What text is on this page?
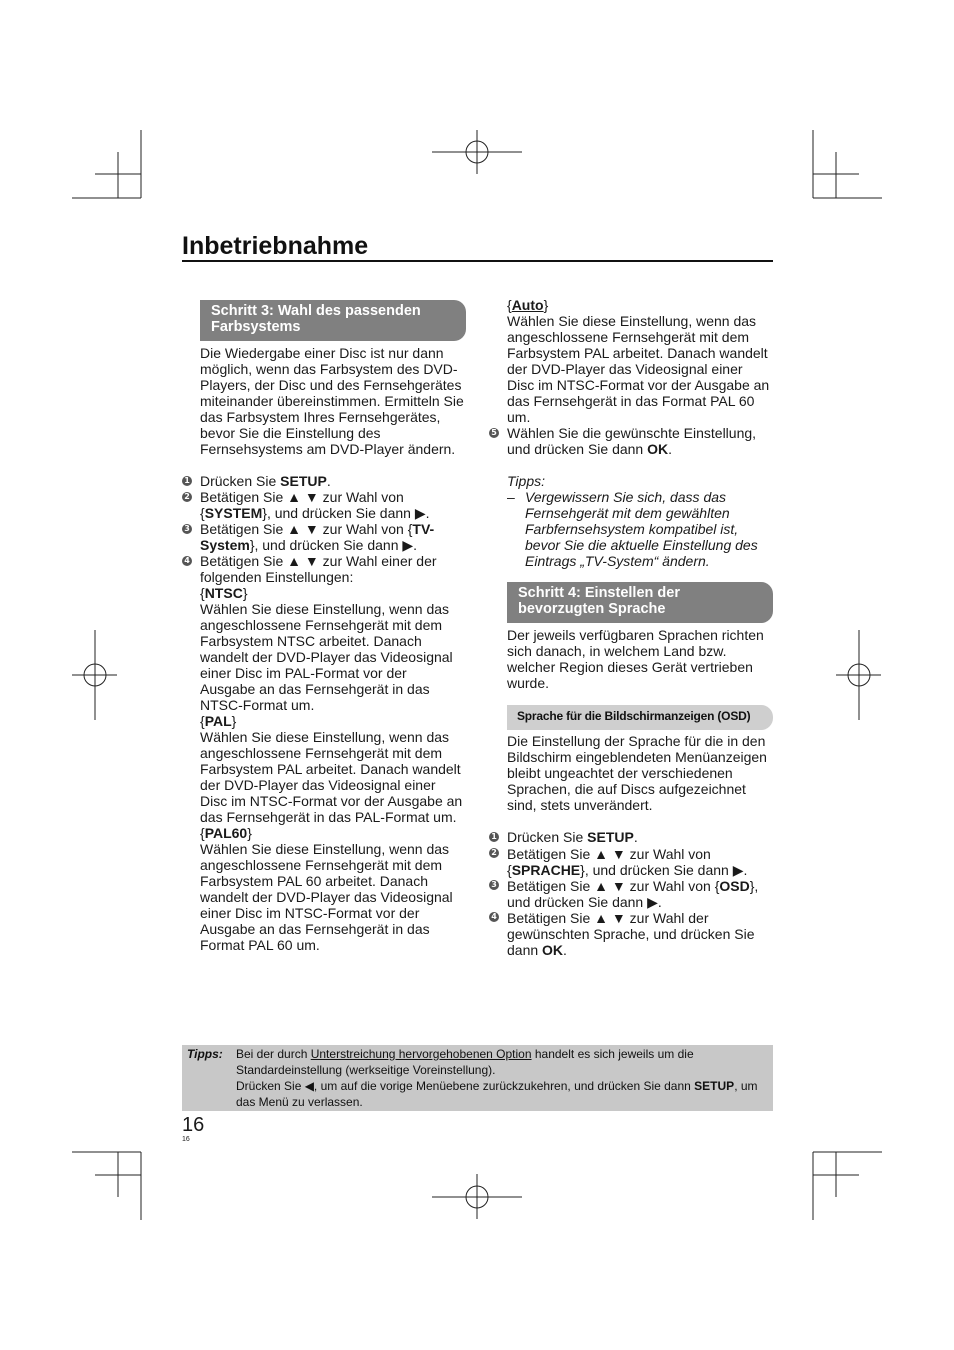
Inbetriebnahme
Schritt 3: Wahl des passenden Farbsystems

Die Wiedergabe einer Disc ist nur dann möglich, wenn das Farbsystem des DVD-Players, der Disc und des Fernsehgerätes miteinander übereinstimmen. Ermitteln Sie das Farbsystem Ihres Fernsehgerätes, bevor Sie die Einstellung des Fernsehsystems am DVD-Player ändern.

1 Drücken Sie SETUP.
2 Betätigen Sie ▲ ▼ zur Wahl von {SYSTEM}, und drücken Sie dann ▶.
3 Betätigen Sie ▲ ▼ zur Wahl von {TV-System}, und drücken Sie dann ▶.
4 Betätigen Sie ▲ ▼ zur Wahl einer der folgenden Einstellungen:

{NTSC}

Wählen Sie diese Einstellung, wenn das angeschlossene Fernsehgerät mit dem Farbsystem NTSC arbeitet. Danach wandelt der DVD-Player das Videosignal einer Disc im PAL-Format vor der Ausgabe an das Fernsehgerät in das NTSC-Format um.

{PAL}

Wählen Sie diese Einstellung, wenn das angeschlossene Fernsehgerät mit dem Farbsystem PAL arbeitet. Danach wandelt der DVD-Player das Videosignal einer Disc im NTSC-Format vor der Ausgabe an das Fernsehgerät in das PAL-Format um.

{PAL60}

Wählen Sie diese Einstellung, wenn das angeschlossene Fernsehgerät mit dem Farbsystem PAL 60 arbeitet. Danach wandelt der DVD-Player das Videosignal einer Disc im NTSC-Format vor der Ausgabe an das Fernsehgerät in das Format PAL 60 um.

{Auto}

Wählen Sie diese Einstellung, wenn das angeschlossene Fernsehgerät mit dem Farbsystem PAL arbeitet. Danach wandelt der DVD-Player das Videosignal einer Disc im NTSC-Format vor der Ausgabe an das Fernsehgerät in das Format PAL 60 um.

5 Wählen Sie die gewünschte Einstellung, und drücken Sie dann OK.
Tipps:
– Vergewissern Sie sich, dass das Fernsehgerät mit dem gewählten Farbfernsehsystem kompatibel ist, bevor Sie die aktuelle Einstellung des Eintrags „TV-System“ ändern.
Schritt 4: Einstellen der bevorzugten Sprache

Der jeweils verfügbaren Sprachen richten sich danach, in welchem Land bzw. welcher Region dieses Gerät vertrieben wurde.

Sprache für die Bildschirmanzeigen (OSD)

Die Einstellung der Sprache für die in den Bildschirm eingeblendeten Menüanzeigen bleibt ungeachtet der verschiedenen Sprachen, die auf Discs aufgezeichnet sind, stets unverändert.

1 Drücken Sie SETUP.
2 Betätigen Sie ▲ ▼ zur Wahl von {SPRACHE}, und drücken Sie dann ▶.
3 Betätigen Sie ▲ ▼ zur Wahl von {OSD}, und drücken Sie dann ▶.
4 Betätigen Sie ▲ ▼ zur Wahl der gewünschten Sprache, und drücken Sie dann OK.
Tipps: Bei der durch Unterstreichung hervorgehobenen Option handelt es sich jeweils um die Standardeinstellung (werkseitige Voreinstellung).
Drücken Sie ◀, um auf die vorige Menüebene zurückzukehren, und drücken Sie dann SETUP, um das Menü zu verlassen.
16
16
